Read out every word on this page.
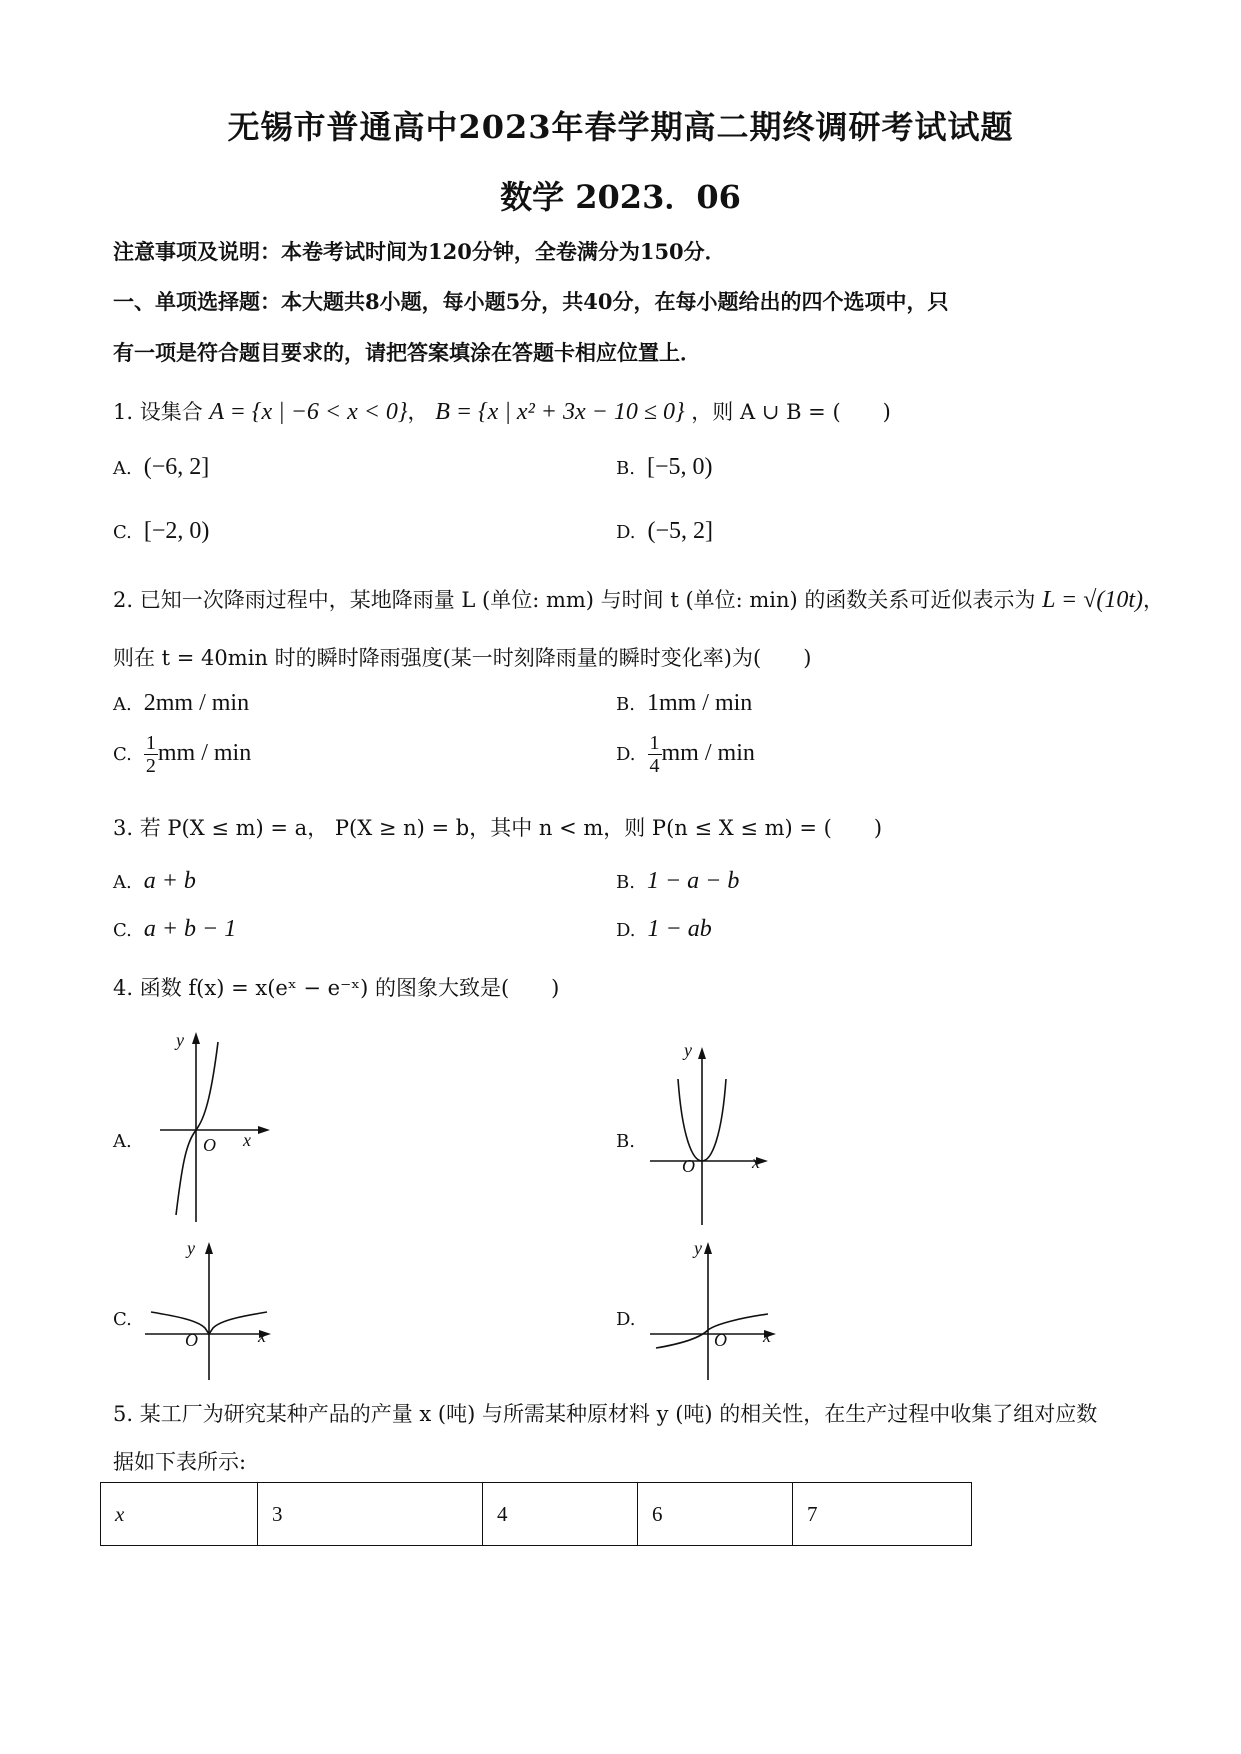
无锡市普通高中2023年春学期高二期终调研考试试题
数学 2023．06
注意事项及说明：本卷考试时间为120分钟，全卷满分为150分．
一、单项选择题：本大题共8小题，每小题5分，共40分，在每小题给出的四个选项中，只
有一项是符合题目要求的，请把答案填涂在答题卡相应位置上．
1. 设集合 A = {x | −6 < x < 0}， B = {x | x² + 3x − 10 ≤ 0} ，则 A ∪ B = (　　)
A. (−6, 2]	B. [−5, 0)
C. [−2, 0)	D. (−5, 2]
2. 已知一次降雨过程中，某地降雨量 L (单位: mm) 与时间 t (单位: min) 的函数关系可近似表示为 L = √(10t)，
则在 t = 40min 时的瞬时降雨强度(某一时刻降雨量的瞬时变化率)为(　　)
A. 2mm / min	B. 1mm / min
C. $\frac{1}{2}$ mm / min	D. $\frac{1}{4}$ mm / min
3. 若 P(X ≤ m) = a， P(X ≥ n) = b，其中 n < m，则 P(n ≤ X ≤ m) = (　　)
A. a + b	B. 1 − a − b
C. a + b − 1	D. 1 − ab
4. 函数 f(x) = x(eˣ − e⁻ˣ) 的图象大致是(　　)
A.
y
O x	B.
y
O	x
C.
y
O	x
D.
y
O x
5. 某工厂为研究某种产品的产量 x (吨) 与所需某种原材料 y (吨) 的相关性，在生产过程中收集了组对应数
据如下表所示:
x	3	4	6	7
